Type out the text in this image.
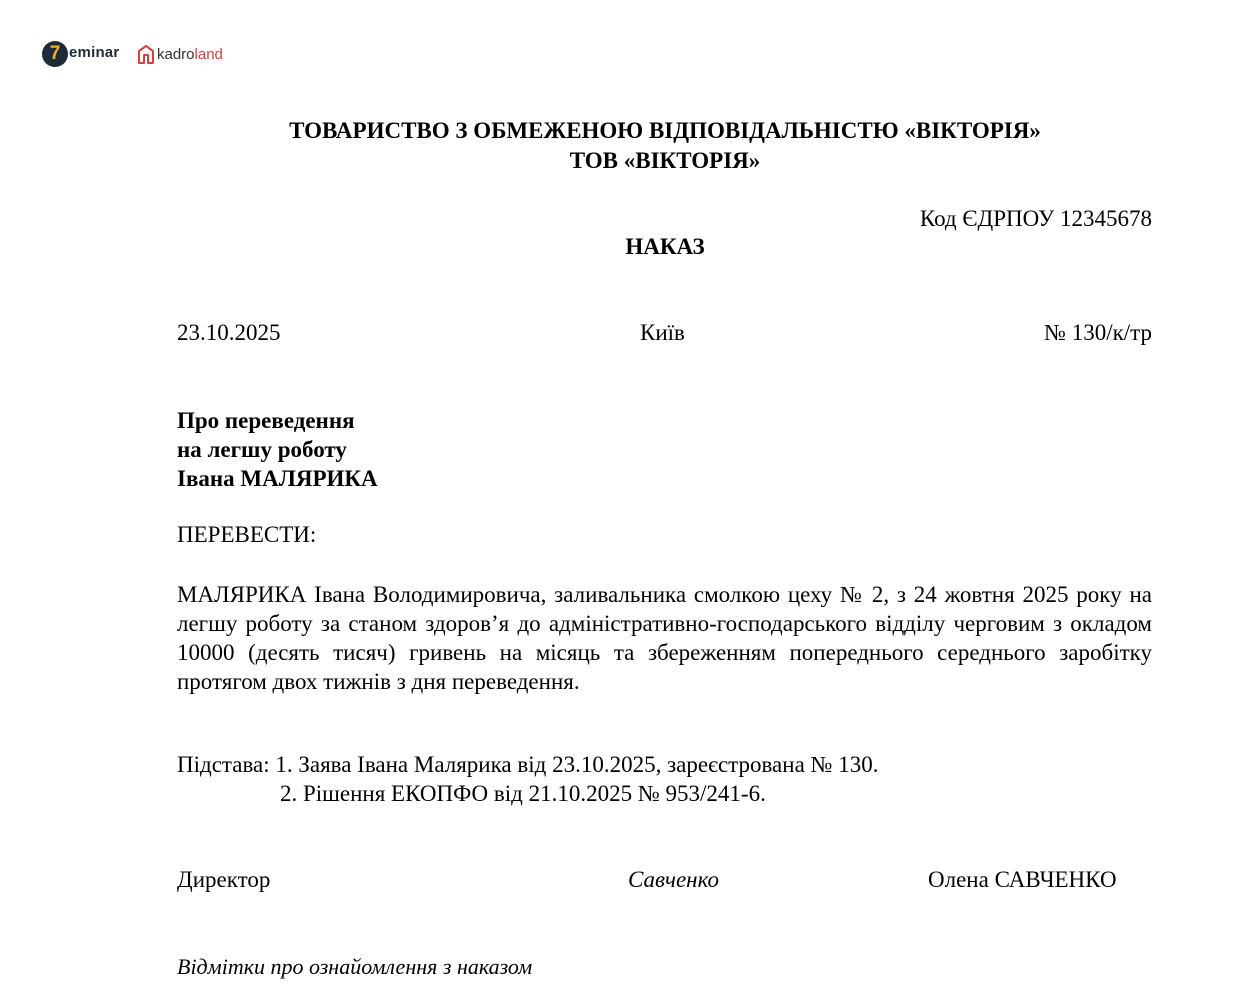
7 eminar	kadroland
ТОВАРИСТВО З ОБМЕЖЕНОЮ ВІДПОВІДАЛЬНІСТЮ «ВІКТОРІЯ»
ТОВ «ВІКТОРІЯ»
Код ЄДРПОУ 12345678
НАКАЗ
23.10.2025	Київ	№ 130/к/тр
Про переведення
на легшу роботу
Івана МАЛЯРИКА
ПЕРЕВЕСТИ:
МАЛЯРИКА Івана Володимировича, заливальника смолкою цеху № 2, з 24 жовтня 2025 року на легшу роботу за станом здоров’я до адміністративно-господарського відділу черговим з окладом 10000 (десять тисяч) гривень на місяць та збереженням попереднього середнього заробітку протягом двох тижнів з дня переведення.
Підстава: 1. Заява Івана Малярика від 23.10.2025, зареєстрована № 130.
2. Рішення ЕКОПФО від 21.10.2025 № 953/241-6.
Директор	Савченко	Олена САВЧЕНКО
Відмітки про ознайомлення з наказом
